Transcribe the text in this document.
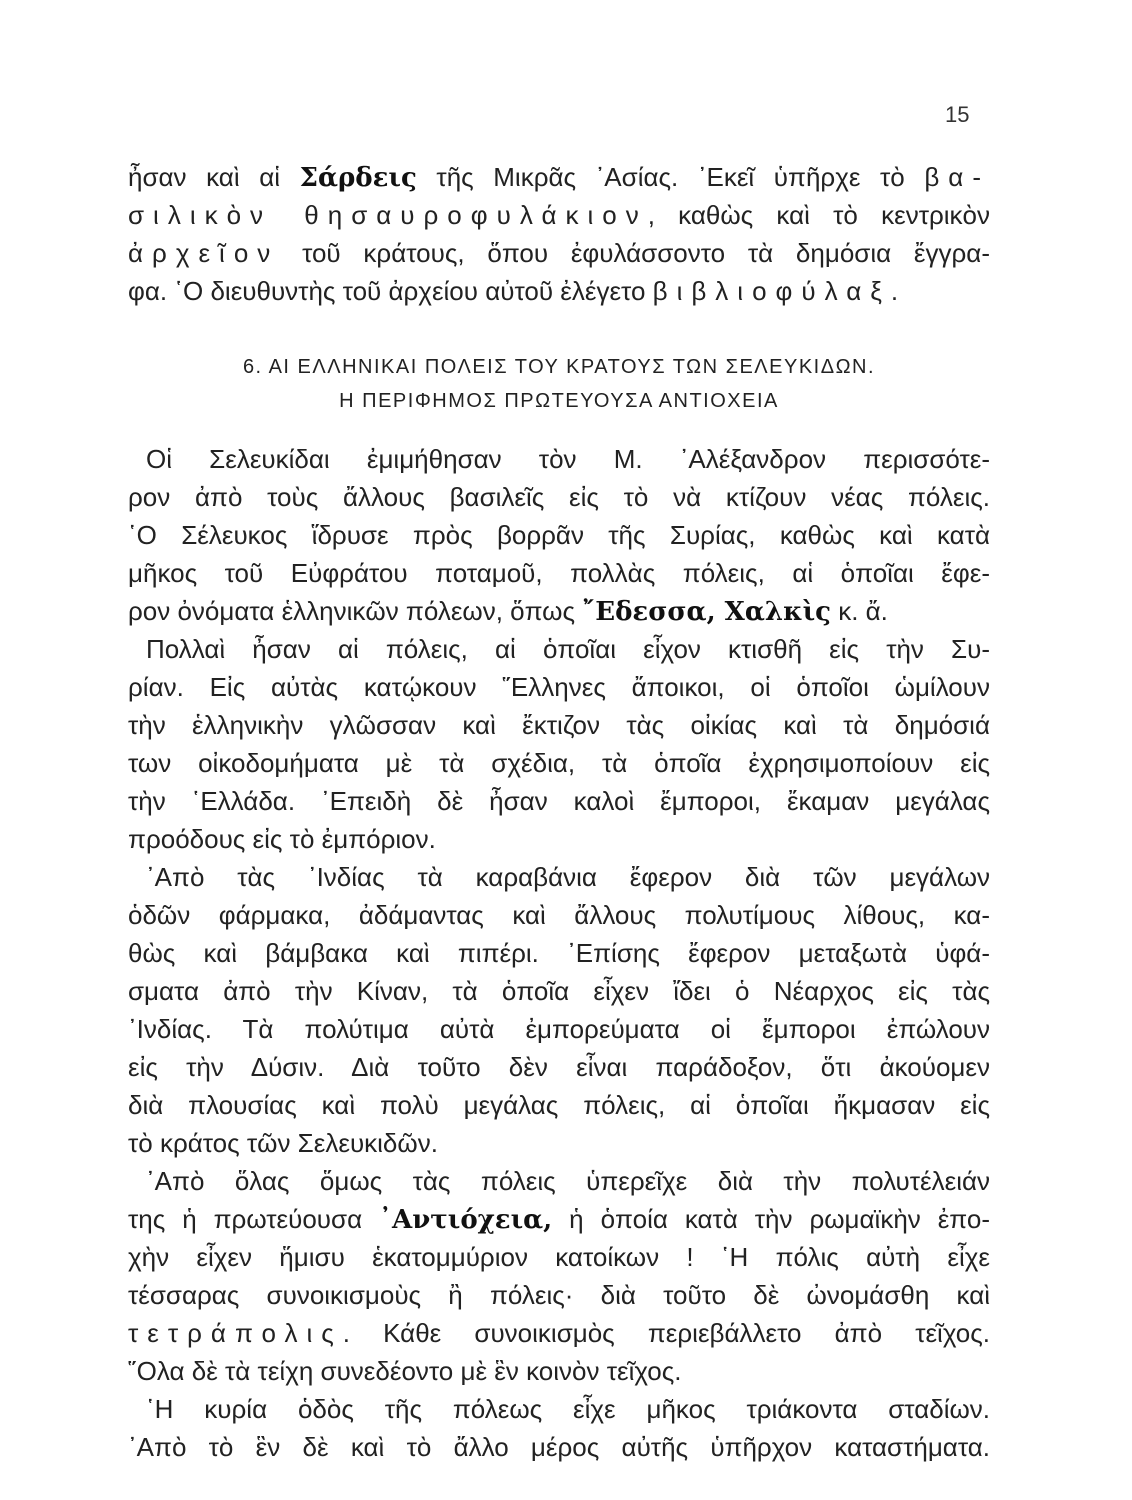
15
ἦσαν καὶ αἱ Σάρδεις τῆς Μικρᾶς ᾿Ασίας. ᾿Εκεῖ ὑπῆρχε τὸ βα-
σιλικὸν θησαυροφυλάκιον, καθὼς καὶ τὸ κεντρικὸν
ἀρχεῖον τοῦ κράτους, ὅπου ἐφυλάσσοντο τὰ δημόσια ἔγγρα-
φα. ῾Ο διευθυντὴς τοῦ ἀρχείου αὐτοῦ ἐλέγετο βιβλιοφύλαξ.
6. ΑΙ ΕΛΛΗΝΙΚΑΙ ΠΟΛΕΙΣ ΤΟΥ ΚΡΑΤΟΥΣ ΤΩΝ ΣΕΛΕΥΚΙΔΩΝ.
Η ΠΕΡΙΦΗΜΟΣ ΠΡΩΤΕΥΟΥΣΑ ΑΝΤΙΟΧΕΙΑ
Οἱ Σελευκίδαι ἐμιμήθησαν τὸν Μ. ᾿Αλέξανδρον περισσότε-
ρον ἀπὸ τοὺς ἄλλους βασιλεῖς εἰς τὸ νὰ κτίζουν νέας πόλεις.
῾Ο Σέλευκος ἵδρυσε πρὸς βορρᾶν τῆς Συρίας, καθὼς καὶ κατὰ
μῆκος τοῦ Εὐφράτου ποταμοῦ, πολλὰς πόλεις, αἱ ὁποῖαι ἔφε-
ρον ὀνόματα ἑλληνικῶν πόλεων, ὅπως ῎Εδεσσα, Χαλκὶς κ. ἄ.
Πολλαὶ ἦσαν αἱ πόλεις, αἱ ὁποῖαι εἶχον κτισθῆ εἰς τὴν Συ-
ρίαν. Εἰς αὐτὰς κατῴκουν ῞Ελληνες ἄποικοι, οἱ ὁποῖοι ὡμίλουν
τὴν ἑλληνικὴν γλῶσσαν καὶ ἔκτιζον τὰς οἰκίας καὶ τὰ δημόσιά
των οἰκοδομήματα μὲ τὰ σχέδια, τὰ ὁποῖα ἐχρησιμοποίουν εἰς
τὴν ῾Ελλάδα. ᾿Επειδὴ δὲ ἦσαν καλοὶ ἔμποροι, ἔκαμαν μεγάλας
προόδους εἰς τὸ ἐμπόριον.
᾿Απὸ τὰς ᾿Ινδίας τὰ καραβάνια ἔφερον διὰ τῶν μεγάλων
ὁδῶν φάρμακα, ἀδάμαντας καὶ ἄλλους πολυτίμους λίθους, κα-
θὼς καὶ βάμβακα καὶ πιπέρι. ᾿Επίσης ἔφερον μεταξωτὰ ὑφά-
σματα ἀπὸ τὴν Κίναν, τὰ ὁποῖα εἶχεν ἴδει ὁ Νέαρχος εἰς τὰς
᾿Ινδίας. Τὰ πολύτιμα αὐτὰ ἐμπορεύματα οἱ ἔμποροι ἐπώλουν
εἰς τὴν Δύσιν. Διὰ τοῦτο δὲν εἶναι παράδοξον, ὅτι ἀκούομεν
διὰ πλουσίας καὶ πολὺ μεγάλας πόλεις, αἱ ὁποῖαι ἤκμασαν εἰς
τὸ κράτος τῶν Σελευκιδῶν.
᾿Απὸ ὅλας ὅμως τὰς πόλεις ὑπερεῖχε διὰ τὴν πολυτέλειάν
της ἡ πρωτεύουσα ᾿Αντιόχεια, ἡ ὁποία κατὰ τὴν ρωμαϊκὴν ἐπο-
χὴν εἶχεν ἥμισυ ἑκατομμύριον κατοίκων ! ῾Η πόλις αὐτὴ εἶχε
τέσσαρας συνοικισμοὺς ἢ πόλεις· διὰ τοῦτο δὲ ὠνομάσθη καὶ
τετράπολις. Κάθε συνοικισμὸς περιεβάλλετο ἀπὸ τεῖχος.
῞Ολα δὲ τὰ τείχη συνεδέοντο μὲ ἓν κοινὸν τεῖχος.
῾Η κυρία ὁδὸς τῆς πόλεως εἶχε μῆκος τριάκοντα σταδίων.
᾿Απὸ τὸ ἓν δὲ καὶ τὸ ἄλλο μέρος αὐτῆς ὑπῆρχον καταστήματα.
